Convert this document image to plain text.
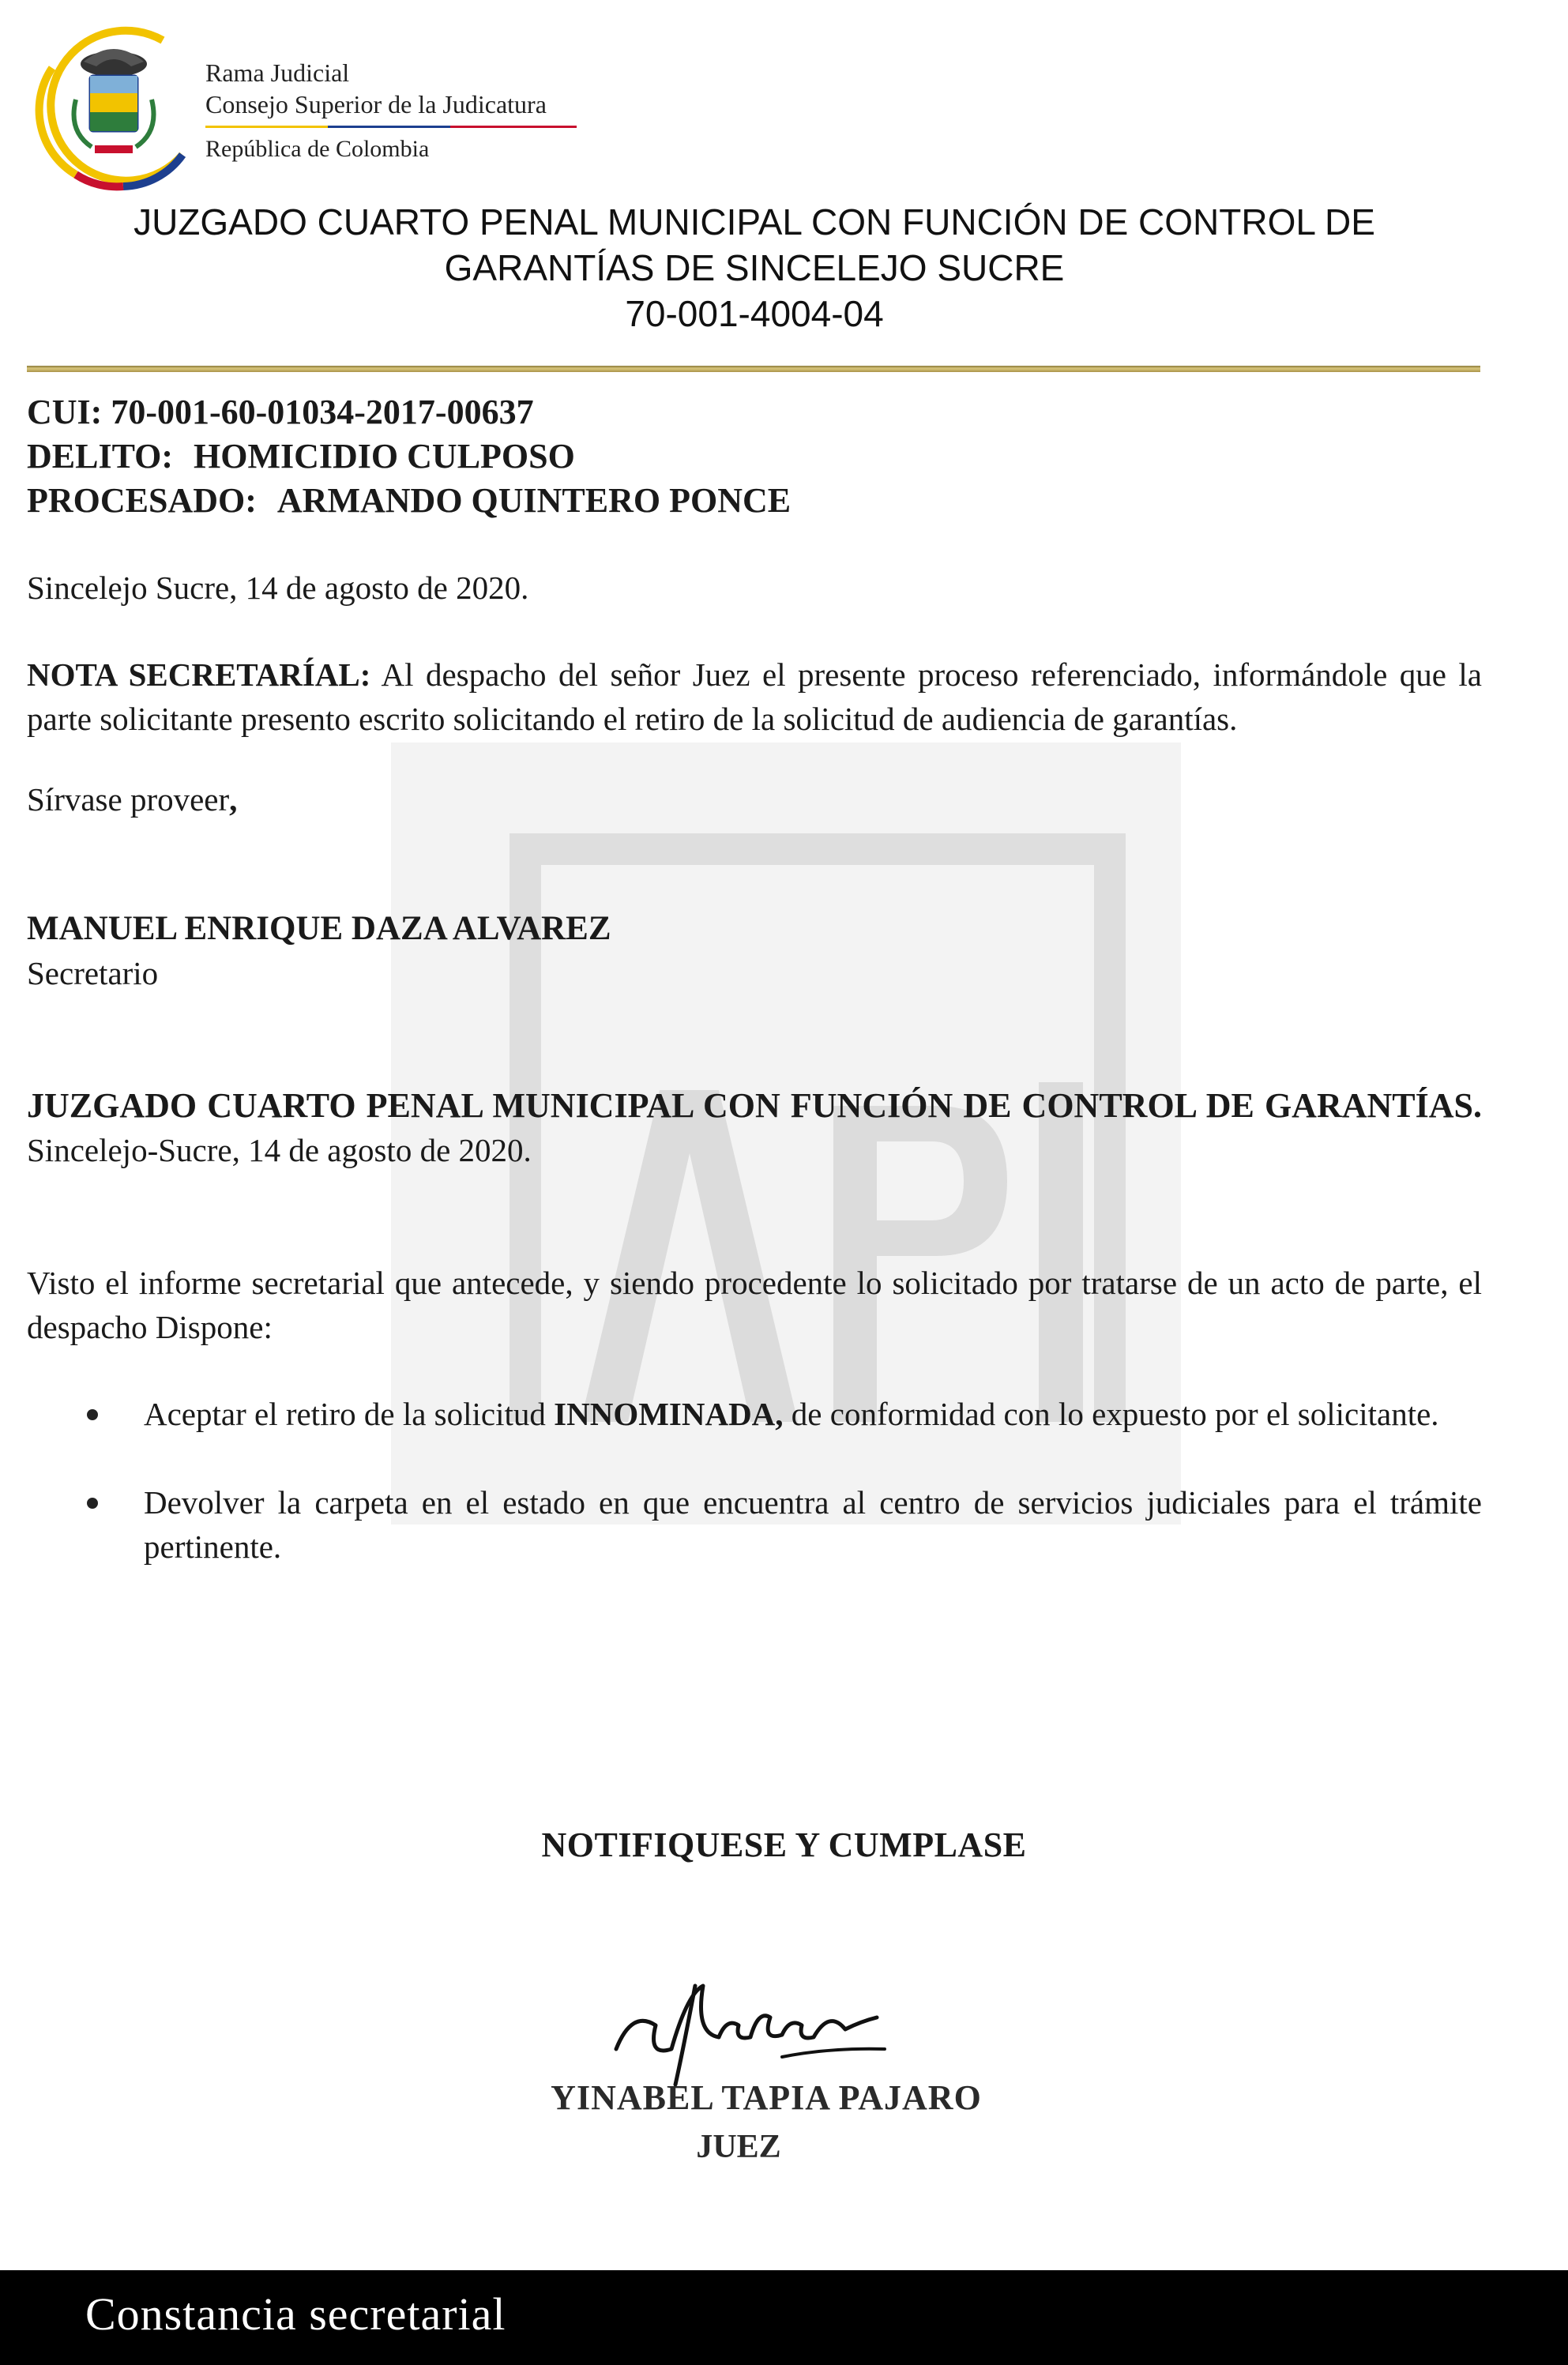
Rama Judicial
Consejo Superior de la Judicatura
República de Colombia
JUZGADO CUARTO PENAL MUNICIPAL CON FUNCIÓN DE CONTROL DE
GARANTÍAS DE SINCELEJO SUCRE
70-001-4004-04
CUI: 70-001-60-01034-2017-00637
DELITO: HOMICIDIO CULPOSO
PROCESADO: ARMANDO QUINTERO PONCE

Sincelejo Sucre, 14 de agosto de 2020.

NOTA SECRETARÍAL: Al despacho del señor Juez el presente proceso referenciado, informándole que la parte solicitante presento escrito solicitando el retiro de la solicitud de audiencia de garantías.

Sírvase proveer,

MANUEL ENRIQUE DAZA ALVAREZ
Secretario

JUZGADO CUARTO PENAL MUNICIPAL CON FUNCIÓN DE CONTROL DE GARANTÍAS. Sincelejo-Sucre, 14 de agosto de 2020.

Visto el informe secretarial que antecede, y siendo procedente lo solicitado por tratarse de un acto de parte, el despacho Dispone:

Aceptar el retiro de la solicitud INNOMINADA, de conformidad con lo expuesto por el solicitante.
Devolver la carpeta en el estado en que encuentra al centro de servicios judiciales para el trámite pertinente.
NOTIFIQUESE Y CUMPLASE
YINABEL TAPIA PAJARO
JUEZ
Constancia secretarial
